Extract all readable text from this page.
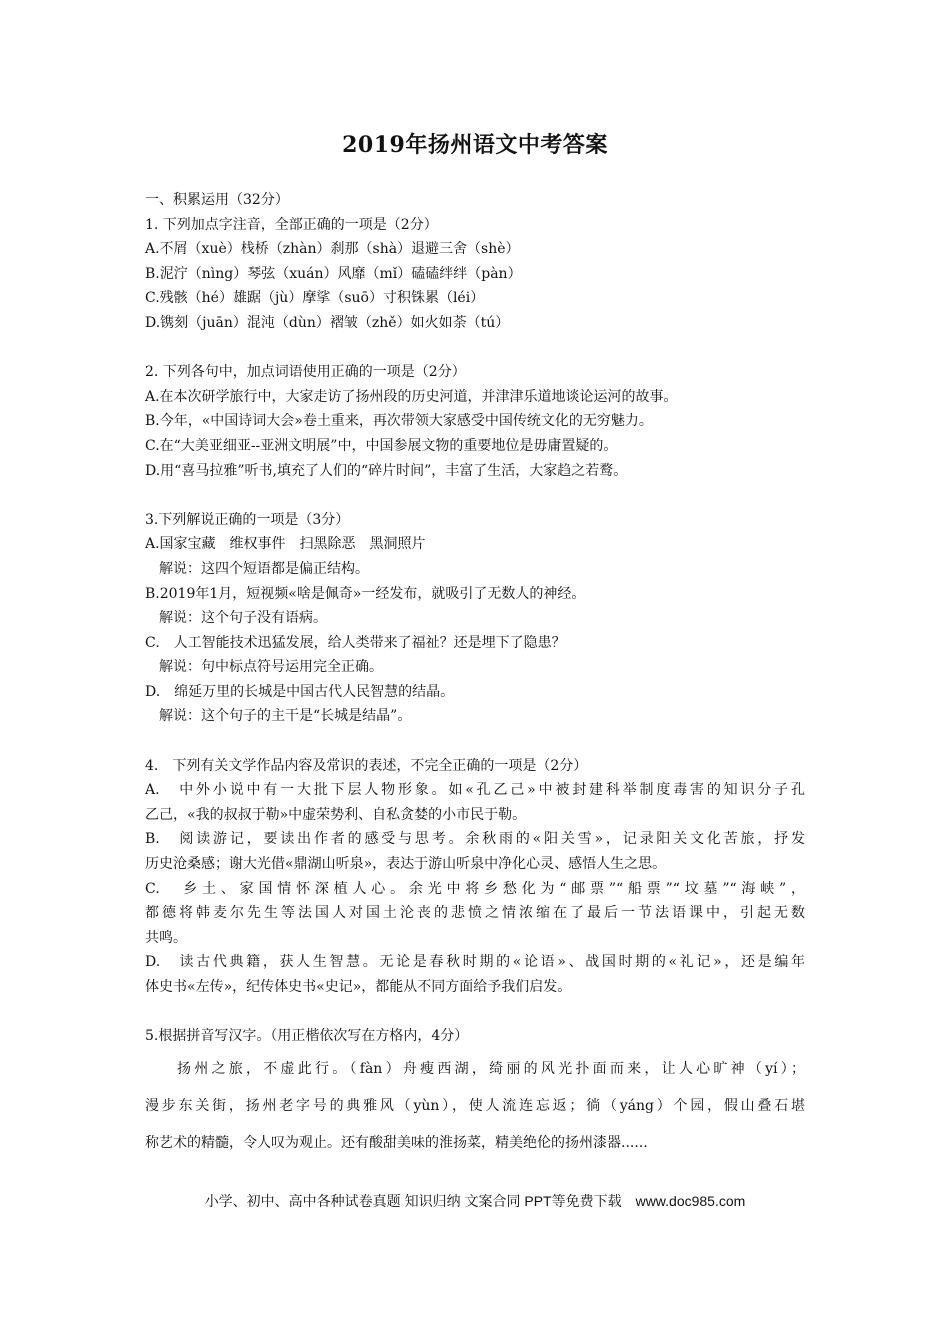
2019年扬州语文中考答案
一、积累运用（32分）
1. 下列加点字注音，全部正确的一项是（2分）
A.不屑（xuè）栈桥（zhàn）刹那（shà）退避三舍（shè）
B.泥泞（nìng）琴弦（xuán）风靡（mǐ）磕磕绊绊（pàn）
C.残骸（hé）雄踞（jù）摩挲（suō）寸积铢累（léi）
D.镌刻（juān）混沌（dùn）褶皱（zhě）如火如荼（tú）
2. 下列各句中，加点词语使用正确的一项是（2分）
A.在本次研学旅行中，大家走访了扬州段的历史河道，并津津乐道地谈论运河的故事。
B.今年，«中国诗词大会»卷土重来，再次带领大家感受中国传统文化的无穷魅力。
C.在“大美亚细亚--亚洲文明展”中，中国参展文物的重要地位是毋庸置疑的。
D.用“喜马拉雅”听书,填充了人们的“碎片时间”，丰富了生活，大家趋之若鹜。
3.下列解说正确的一项是（3分）
A.国家宝藏　维权事件　扫黑除恶　黑洞照片
解说：这四个短语都是偏正结构。
B.2019年1月，短视频«啥是佩奇»一经发布，就吸引了无数人的神经。
解说：这个句子没有语病。
C.　人工智能技术迅猛发展，给人类带来了福祉？还是埋下了隐患？
解说：句中标点符号运用完全正确。
D.　绵延万里的长城是中国古代人民智慧的结晶。
解说：这个句子的主干是“长城是结晶”。
4.　下列有关文学作品内容及常识的表述，不完全正确的一项是（2分）
A.　中外小说中有一大批下层人物形象。如«孔乙己»中被封建科举制度毒害的知识分子孔
乙己，«我的叔叔于勒»中虚荣势利、自私贪婪的小市民于勒。
B.　阅读游记，要读出作者的感受与思考。余秋雨的«阳关雪»，记录阳关文化苦旅，抒发
历史沧桑感；谢大光借«鼎湖山听泉»，表达于游山听泉中净化心灵、感悟人生之思。
C.　乡土、家国情怀深植人心。余光中将乡愁化为“邮票”“船票”“坟墓”“海峡”，
都德将韩麦尔先生等法国人对国土沦丧的悲愤之情浓缩在了最后一节法语课中，引起无数
共鸣。
D.　读古代典籍，获人生智慧。无论是春秋时期的«论语»、战国时期的«礼记»，还是编年
体史书«左传»，纪传体史书«史记»，都能从不同方面给予我们启发。
5.根据拼音写汉字。（用正楷依次写在方格内，4分）
扬州之旅，不虚此行。（fàn）舟瘦西湖，绮丽的风光扑面而来，让人心旷神（yí）；
漫步东关街，扬州老字号的典雅风（yùn），使人流连忘返；徜（yáng）个园，假山叠石堪
称艺术的精髓，令人叹为观止。还有酸甜美味的淮扬菜，精美绝伦的扬州漆器......
小学、初中、高中各种试卷真题 知识归纳 文案合同 PPT等免费下载　www.doc985.com
